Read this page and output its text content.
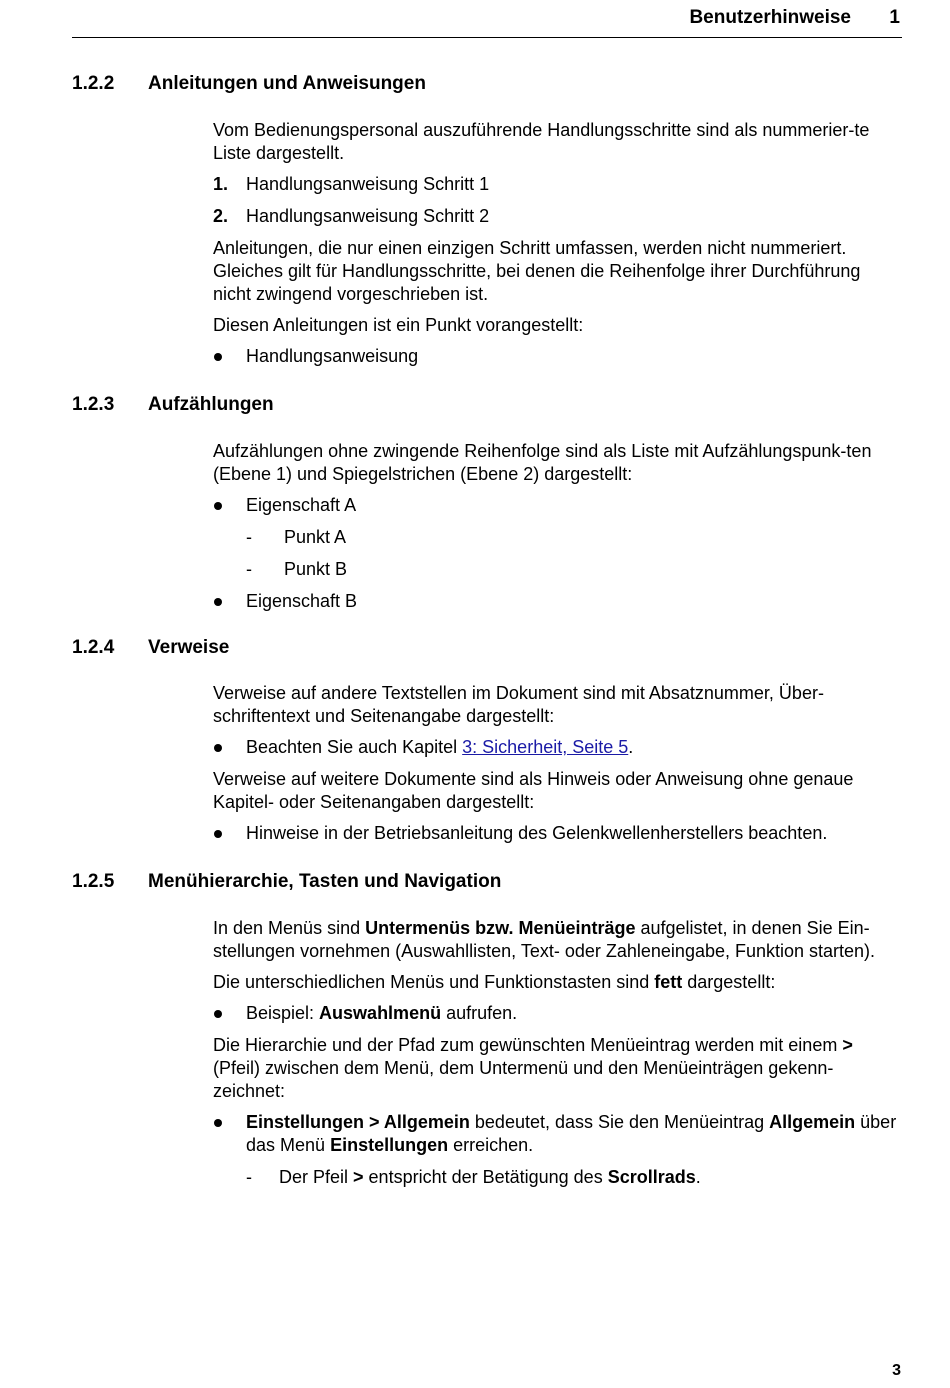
Benutzerhinweise 1
1.2.2 Anleitungen und Anweisungen

Vom Bedienungspersonal auszuführende Handlungsschritte sind als nummerier-te Liste dargestellt.

1. Handlungsanweisung Schritt 1
2. Handlungsanweisung Schritt 2

Anleitungen, die nur einen einzigen Schritt umfassen, werden nicht nummeriert. Gleiches gilt für Handlungsschritte, bei denen die Reihenfolge ihrer Durchführung nicht zwingend vorgeschrieben ist.

Diesen Anleitungen ist ein Punkt vorangestellt:

Handlungsanweisung
1.2.3 Aufzählungen

Aufzählungen ohne zwingende Reihenfolge sind als Liste mit Aufzählungspunk-ten (Ebene 1) und Spiegelstrichen (Ebene 2) dargestellt:

Eigenschaft A
- Punkt A
- Punkt B
Eigenschaft B
1.2.4 Verweise

Verweise auf andere Textstellen im Dokument sind mit Absatznummer, Über-schriftentext und Seitenangabe dargestellt:

Beachten Sie auch Kapitel 3: Sicherheit, Seite 5.

Verweise auf weitere Dokumente sind als Hinweis oder Anweisung ohne genaue Kapitel- oder Seitenangaben dargestellt:

Hinweise in der Betriebsanleitung des Gelenkwellenherstellers beachten.
1.2.5 Menühierarchie, Tasten und Navigation

In den Menüs sind Untermenüs bzw. Menüeinträge aufgelistet, in denen Sie Ein-stellungen vornehmen (Auswahllisten, Text- oder Zahleneingabe, Funktion starten).

Die unterschiedlichen Menüs und Funktionstasten sind fett dargestellt:

Beispiel: Auswahlmenü aufrufen.

Die Hierarchie und der Pfad zum gewünschten Menüeintrag werden mit einem > (Pfeil) zwischen dem Menü, dem Untermenü und den Menüeinträgen gekenn-zeichnet:

Einstellungen > Allgemein bedeutet, dass Sie den Menüeintrag Allgemein über das Menü Einstellungen erreichen.
- Der Pfeil > entspricht der Betätigung des Scrollrads.
3
